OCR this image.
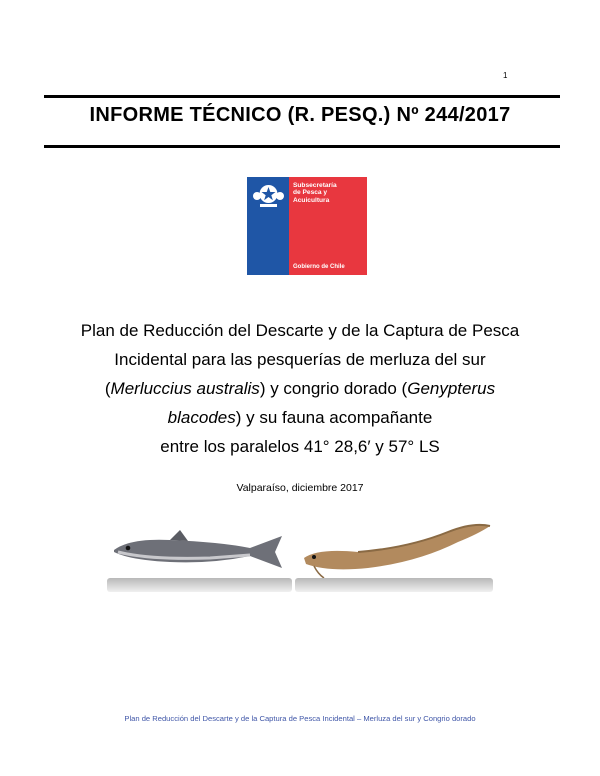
1
INFORME TÉCNICO (R. PESQ.) Nº 244/2017
Subsecretaría
de Pesca y
Acuicultura
Gobierno de Chile
Plan de Reducción del Descarte y de la Captura de Pesca
Incidental para las pesquerías de merluza del sur
(Merluccius australis) y congrio dorado (Genypterus
blacodes) y su fauna acompañante
entre los paralelos 41° 28,6′ y 57° LS
Valparaíso, diciembre 2017
Plan de Reducción del Descarte y de la Captura de Pesca Incidental – Merluza del sur y Congrio dorado
